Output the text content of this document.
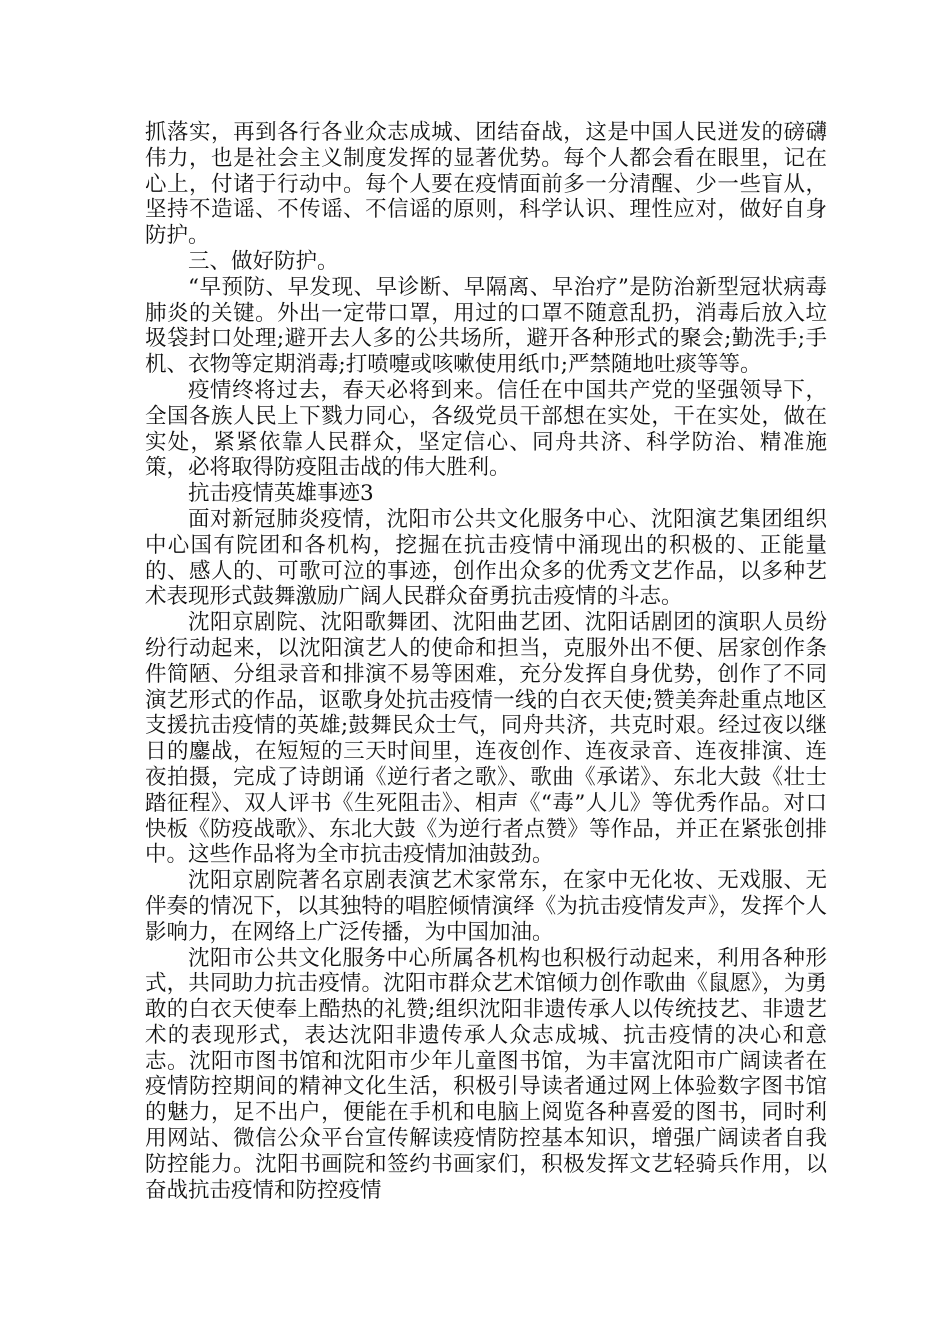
抓落实，再到各行各业众志成城、团结奋战，这是中国人民迸发的磅礴伟力，也是社会主义制度发挥的显著优势。每个人都会看在眼里，记在心上，付诸于行动中。每个人要在疫情面前多一分清醒、少一些盲从，坚持不造谣、不传谣、不信谣的原则，科学认识、理性应对，做好自身防护。

三、做好防护。

“早预防、早发现、早诊断、早隔离、早治疗”是防治新型冠状病毒肺炎的关键。外出一定带口罩，用过的口罩不随意乱扔，消毒后放入垃圾袋封口处理;避开去人多的公共场所，避开各种形式的聚会;勤洗手;手机、衣物等定期消毒;打喷嚏或咳嗽使用纸巾;严禁随地吐痰等等。

疫情终将过去，春天必将到来。信任在中国共产党的坚强领导下，全国各族人民上下戮力同心，各级党员干部想在实处，干在实处，做在实处，紧紧依靠人民群众，坚定信心、同舟共济、科学防治、精准施策，必将取得防疫阻击战的伟大胜利。

抗击疫情英雄事迹3

面对新冠肺炎疫情，沈阳市公共文化服务中心、沈阳演艺集团组织中心国有院团和各机构，挖掘在抗击疫情中涌现出的积极的、正能量的、感人的、可歌可泣的事迹，创作出众多的优秀文艺作品，以多种艺术表现形式鼓舞激励广阔人民群众奋勇抗击疫情的斗志。

沈阳京剧院、沈阳歌舞团、沈阳曲艺团、沈阳话剧团的演职人员纷纷行动起来，以沈阳演艺人的使命和担当，克服外出不便、居家创作条件简陋、分组录音和排演不易等困难，充分发挥自身优势，创作了不同演艺形式的作品，讴歌身处抗击疫情一线的白衣天使;赞美奔赴重点地区支援抗击疫情的英雄;鼓舞民众士气，同舟共济，共克时艰。经过夜以继日的鏖战，在短短的三天时间里，连夜创作、连夜录音、连夜排演、连夜拍摄，完成了诗朗诵《逆行者之歌》、歌曲《承诺》、东北大鼓《壮士踏征程》、双人评书《生死阻击》、相声《“毒”人儿》等优秀作品。对口快板《防疫战歌》、东北大鼓《为逆行者点赞》等作品，并正在紧张创排中。这些作品将为全市抗击疫情加油鼓劲。

沈阳京剧院著名京剧表演艺术家常东，在家中无化妆、无戏服、无伴奏的情况下，以其独特的唱腔倾情演绎《为抗击疫情发声》，发挥个人影响力，在网络上广泛传播，为中国加油。

沈阳市公共文化服务中心所属各机构也积极行动起来，利用各种形式，共同助力抗击疫情。沈阳市群众艺术馆倾力创作歌曲《鼠愿》，为勇敢的白衣天使奉上酷热的礼赞;组织沈阳非遗传承人以传统技艺、非遗艺术的表现形式，表达沈阳非遗传承人众志成城、抗击疫情的决心和意志。沈阳市图书馆和沈阳市少年儿童图书馆，为丰富沈阳市广阔读者在疫情防控期间的精神文化生活，积极引导读者通过网上体验数字图书馆的魅力，足不出户，便能在手机和电脑上阅览各种喜爱的图书，同时利用网站、微信公众平台宣传解读疫情防控基本知识，增强广阔读者自我防控能力。沈阳书画院和签约书画家们，积极发挥文艺轻骑兵作用，以奋战抗击疫情和防控疫情
